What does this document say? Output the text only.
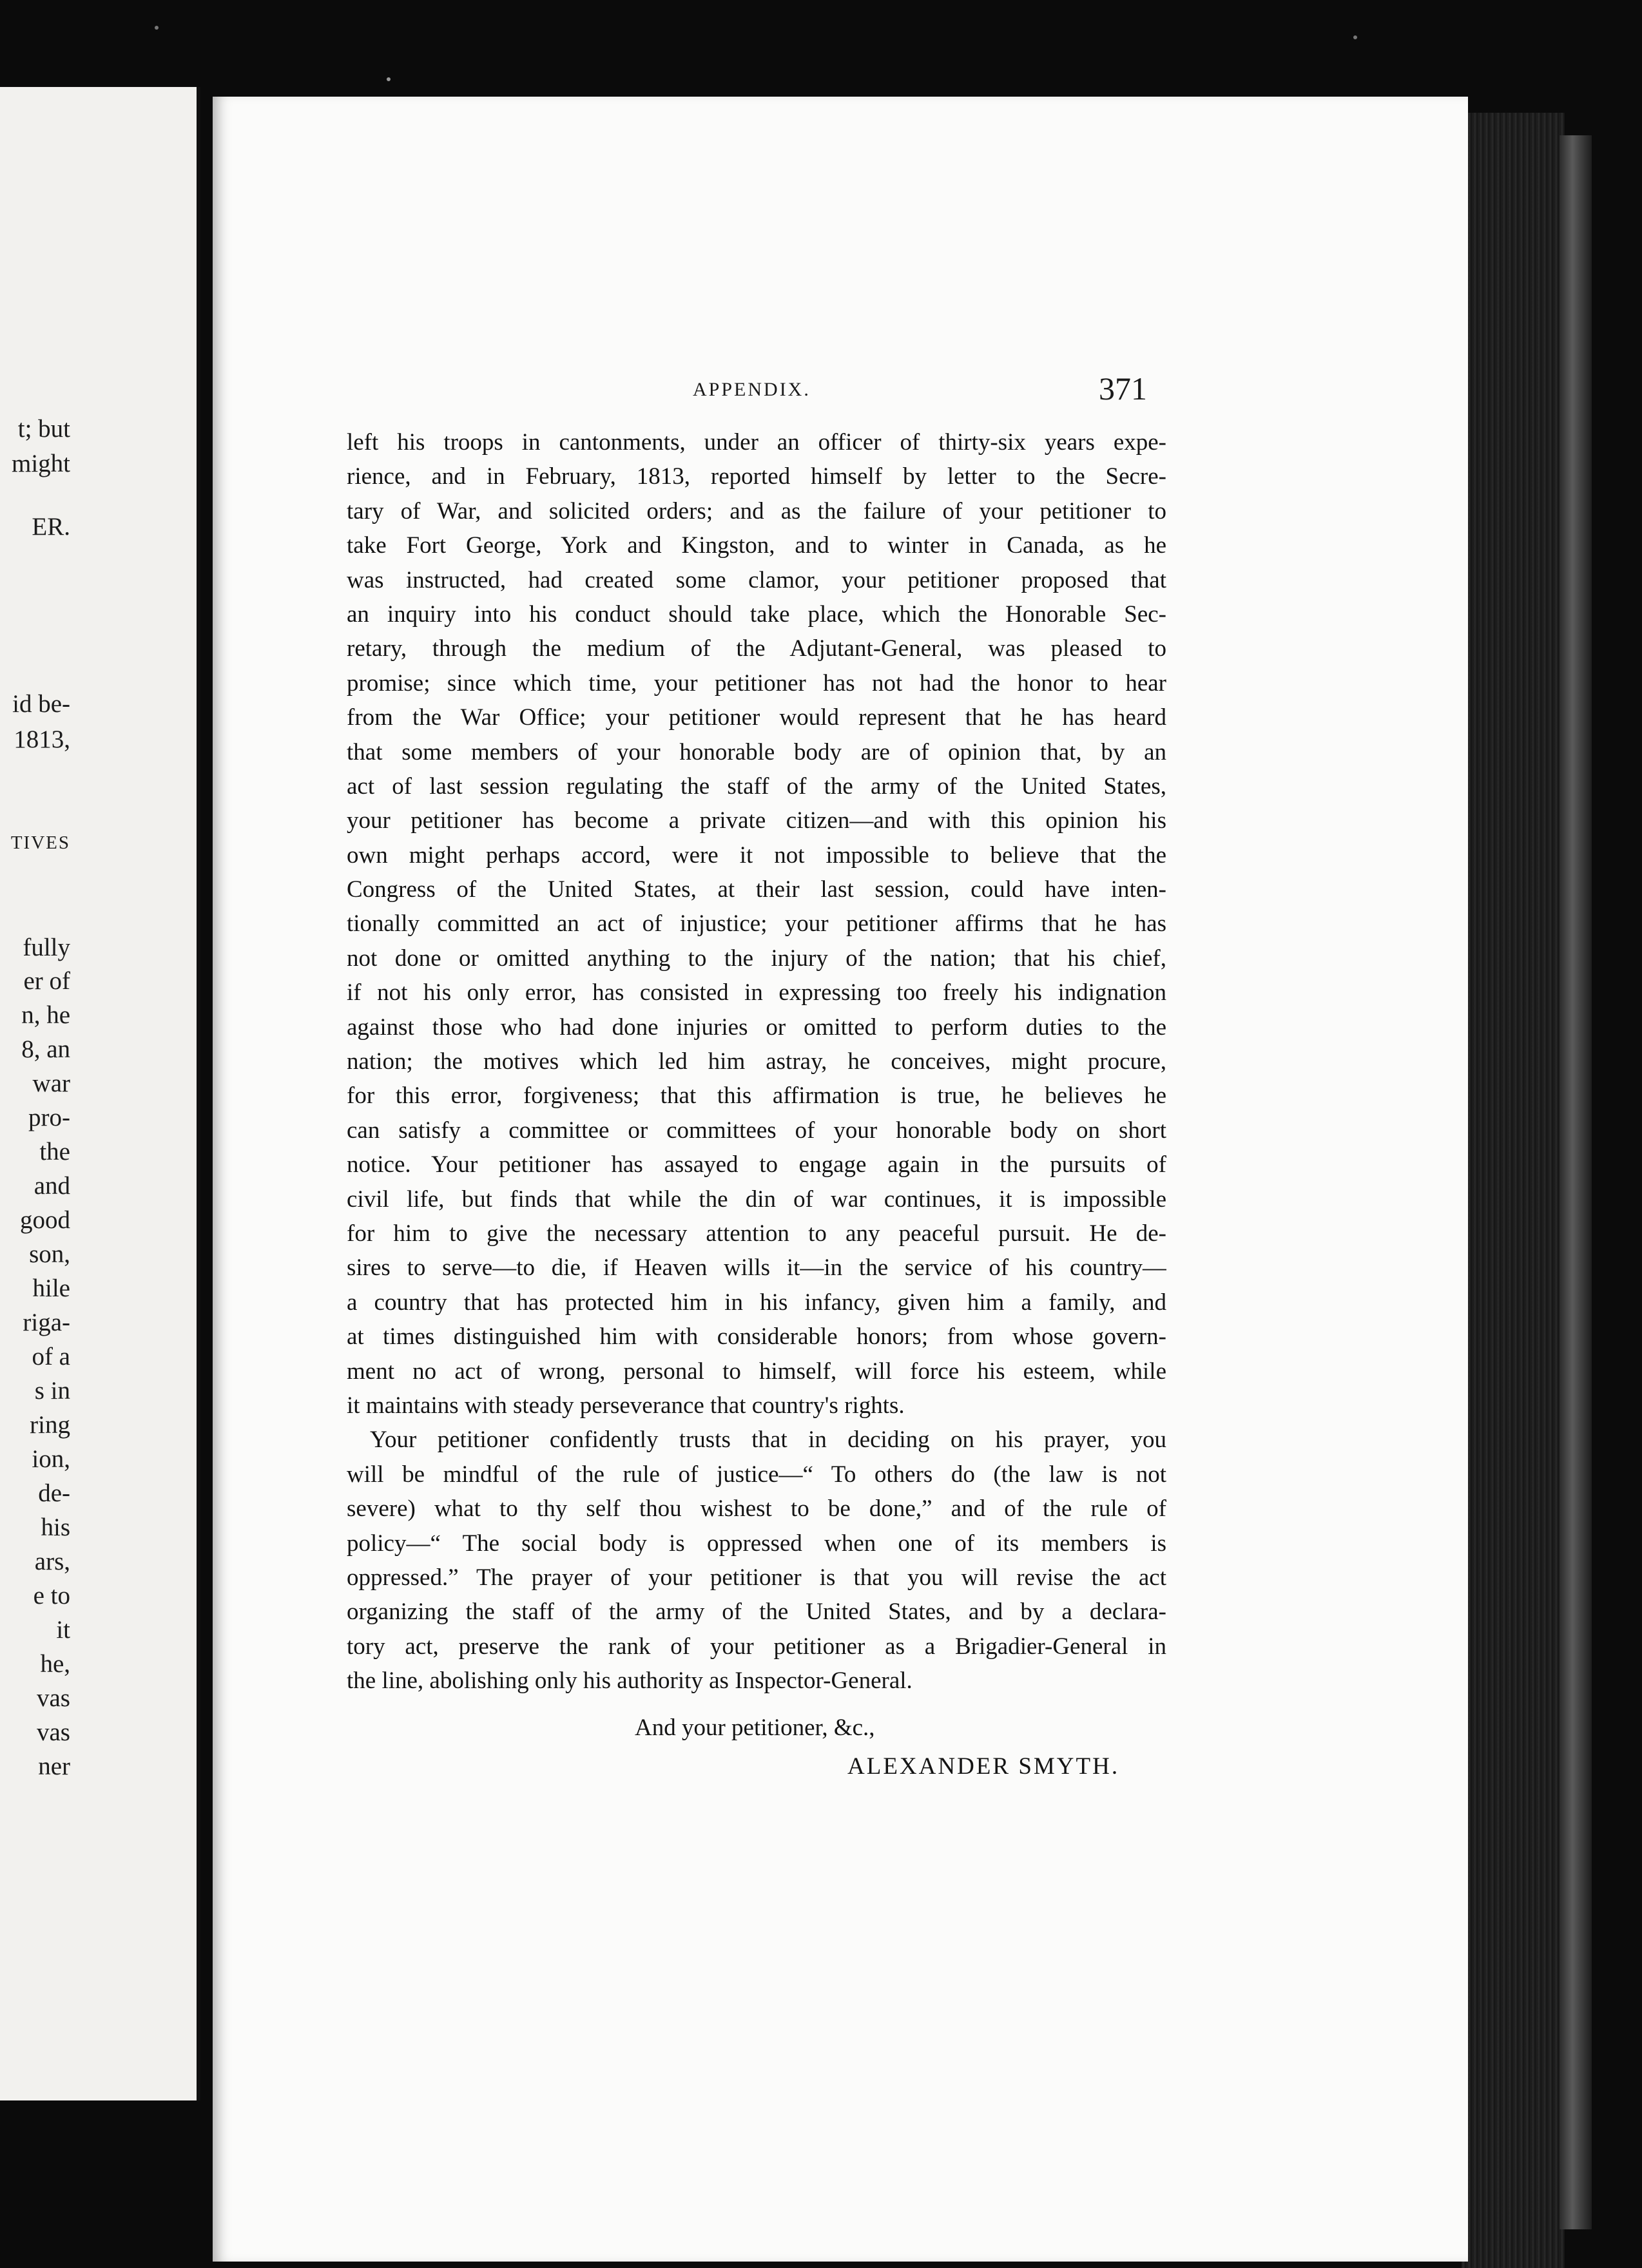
t; but
might
ER.
id be-
1813,
TIVES
fully
er of
n, he
8, an
war
pro-
the
and
good
son,
hile
riga-
of a
s in
ring
ion,
de-
his
ars,
e to
it
he,
vas
vas
ner
APPENDIX.	371
left his troops in cantonments, under an officer of thirty-six years expe-
rience, and in February, 1813, reported himself by letter to the Secre-
tary of War, and solicited orders; and as the failure of your petitioner to
take Fort George, York and Kingston, and to winter in Canada, as he
was instructed, had created some clamor, your petitioner proposed that
an inquiry into his conduct should take place, which the Honorable Sec-
retary, through the medium of the Adjutant-General, was pleased to
promise; since which time, your petitioner has not had the honor to hear
from the War Office; your petitioner would represent that he has heard
that some members of your honorable body are of opinion that, by an
act of last session regulating the staff of the army of the United States,
your petitioner has become a private citizen—and with this opinion his
own might perhaps accord, were it not impossible to believe that the
Congress of the United States, at their last session, could have inten-
tionally committed an act of injustice; your petitioner affirms that he has
not done or omitted anything to the injury of the nation; that his chief,
if not his only error, has consisted in expressing too freely his indignation
against those who had done injuries or omitted to perform duties to the
nation; the motives which led him astray, he conceives, might procure,
for this error, forgiveness; that this affirmation is true, he believes he
can satisfy a committee or committees of your honorable body on short
notice. Your petitioner has assayed to engage again in the pursuits of
civil life, but finds that while the din of war continues, it is impossible
for him to give the necessary attention to any peaceful pursuit. He de-
sires to serve—to die, if Heaven wills it—in the service of his country—
a country that has protected him in his infancy, given him a family, and
at times distinguished him with considerable honors; from whose govern-
ment no act of wrong, personal to himself, will force his esteem, while
it maintains with steady perseverance that country's rights.
Your petitioner confidently trusts that in deciding on his prayer, you
will be mindful of the rule of justice—“ To others do (the law is not
severe) what to thy self thou wishest to be done,” and of the rule of
policy—“ The social body is oppressed when one of its members is
oppressed.” The prayer of your petitioner is that you will revise the act
organizing the staff of the army of the United States, and by a declara-
tory act, preserve the rank of your petitioner as a Brigadier-General in
the line, abolishing only his authority as Inspector-General.
And your petitioner, &c.,
ALEXANDER SMYTH.
